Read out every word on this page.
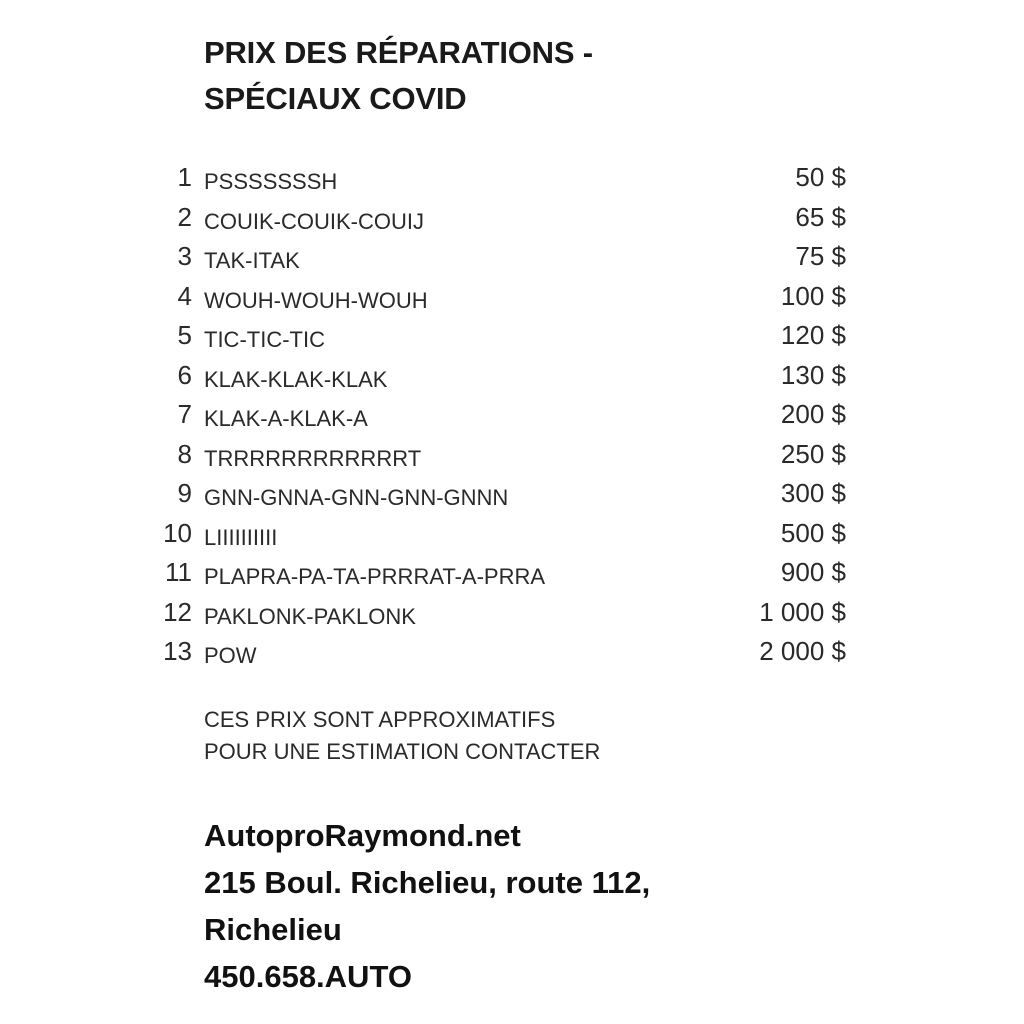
PRIX DES RÉPARATIONS -
SPÉCIAUX COVID
1 PSSSSSSSH	50 $
2 COUIK-COUIK-COUIJ	65 $
3 TAK-ITAK	75 $
4 WOUH-WOUH-WOUH	100 $
5 TIC-TIC-TIC	120 $
6 KLAK-KLAK-KLAK	130 $
7 KLAK-A-KLAK-A	200 $
8 TRRRRRRRRRRRRT	250 $
9 GNN-GNNA-GNN-GNN-GNNN	300 $
10 LIIIIIIIIII	500 $
11 PLAPRA-PA-TA-PRRRAT-A-PRRA	900 $
12 PAKLONK-PAKLONK	1 000 $
13 POW	2 000 $

CES PRIX SONT APPROXIMATIFS
POUR UNE ESTIMATION CONTACTER

AutoproRaymond.net
215 Boul. Richelieu, route 112,
Richelieu
450.658.AUTO
